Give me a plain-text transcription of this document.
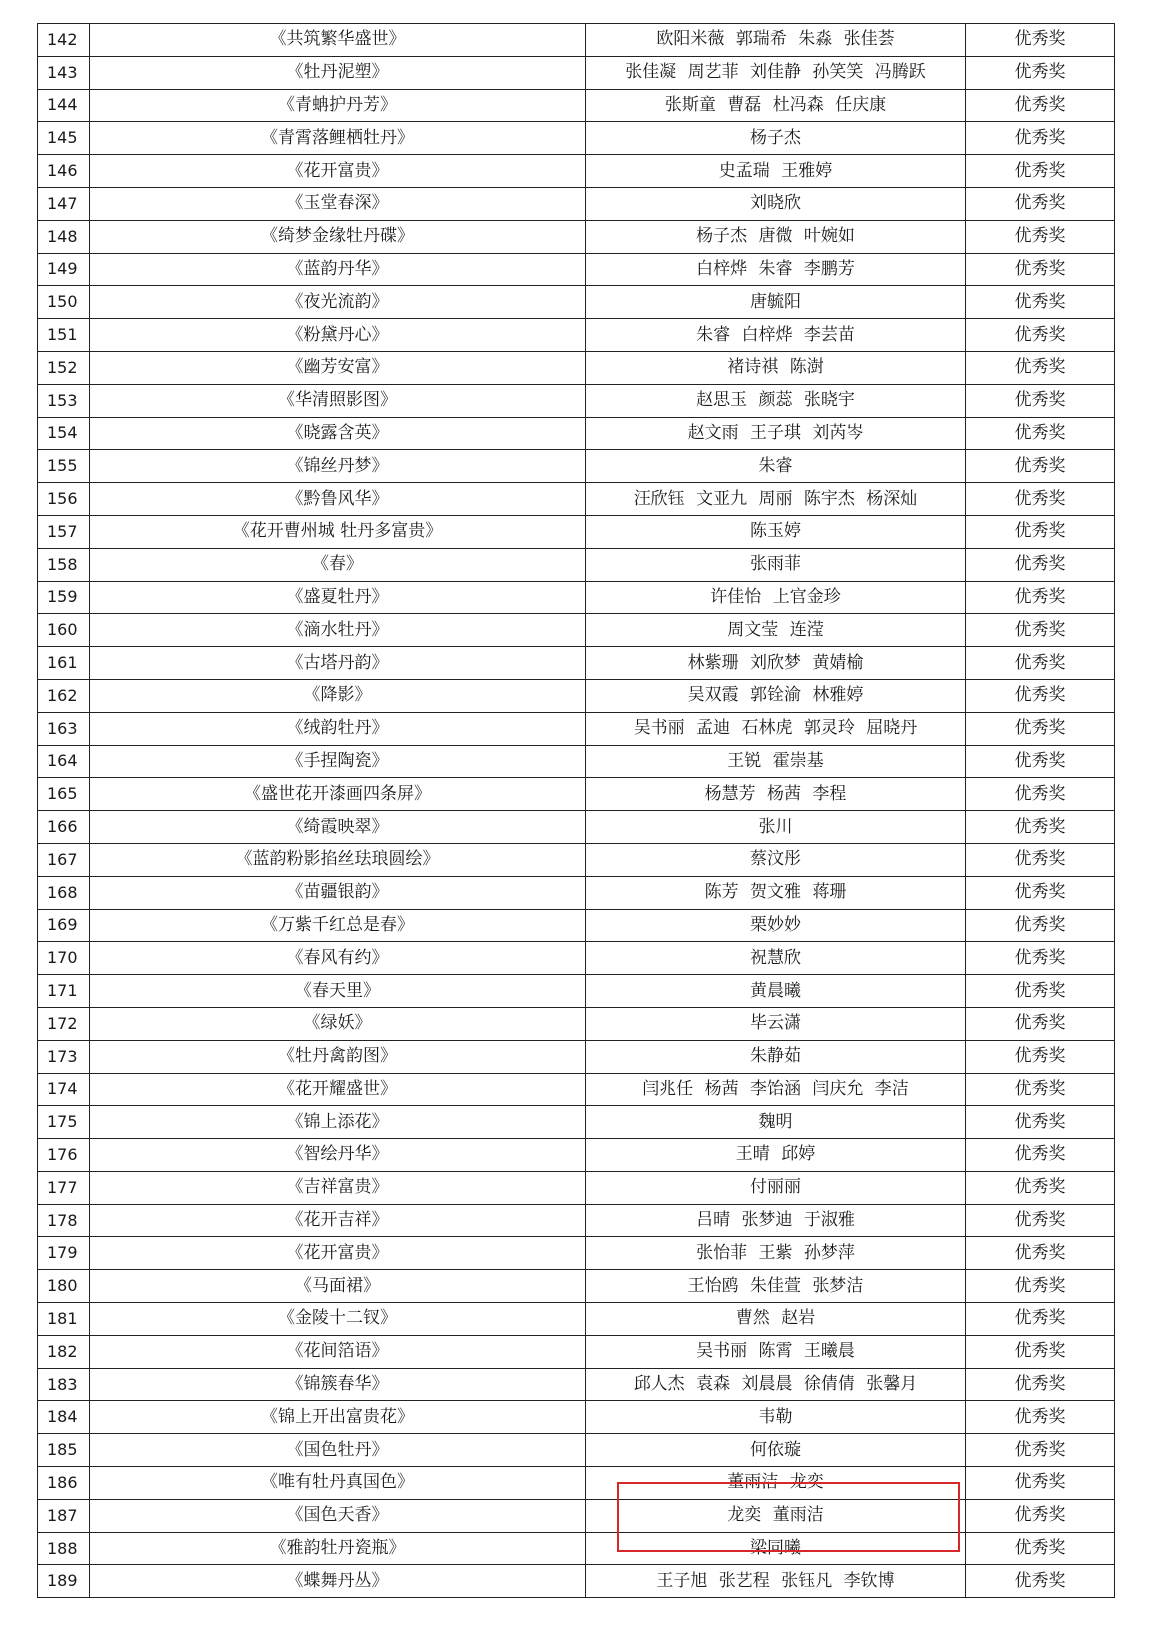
142	《共筑繁华盛世》	欧阳米薇 郭瑞希 朱淼 张佳荟	优秀奖
143	《牡丹泥塑》	张佳凝 周艺菲 刘佳静 孙笑笑 冯腾跃	优秀奖
144	《青蚺护丹芳》	张斯童 曹磊 杜冯森 任庆康	优秀奖
145	《青霄落鲤栖牡丹》	杨子杰	优秀奖
146	《花开富贵》	史孟瑞 王雅婷	优秀奖
147	《玉堂春深》	刘晓欣	优秀奖
148	《绮梦金缘牡丹碟》	杨子杰 唐微 叶婉如	优秀奖
149	《蓝韵丹华》	白梓烨 朱睿 李鹏芳	优秀奖
150	《夜光流韵》	唐毓阳	优秀奖
151	《粉黛丹心》	朱睿 白梓烨 李芸苗	优秀奖
152	《幽芳安富》	褚诗祺 陈澍	优秀奖
153	《华清照影图》	赵思玉 颜蕊 张晓宇	优秀奖
154	《晓露含英》	赵文雨 王子琪 刘芮岑	优秀奖
155	《锦丝丹梦》	朱睿	优秀奖
156	《黔鲁风华》	汪欣钰 文亚九 周丽 陈宇杰 杨深灿	优秀奖
157	《花开曹州城 牡丹多富贵》	陈玉婷	优秀奖
158	《春》	张雨菲	优秀奖
159	《盛夏牡丹》	许佳怡 上官金珍	优秀奖
160	《滴水牡丹》	周文莹 连滢	优秀奖
161	《古塔丹韵》	林紫珊 刘欣梦 黄婧榆	优秀奖
162	《降影》	吴双霞 郭铨渝 林雅婷	优秀奖
163	《绒韵牡丹》	吴书丽 孟迪 石林虎 郭灵玲 屈晓丹	优秀奖
164	《手捏陶瓷》	王锐 霍崇基	优秀奖
165	《盛世花开漆画四条屏》	杨慧芳 杨茜 李程	优秀奖
166	《绮霞映翠》	张川	优秀奖
167	《蓝韵粉影掐丝珐琅圆绘》	蔡汶彤	优秀奖
168	《苗疆银韵》	陈芳 贺文雅 蒋珊	优秀奖
169	《万紫千红总是春》	栗妙妙	优秀奖
170	《春风有约》	祝慧欣	优秀奖
171	《春天里》	黄晨曦	优秀奖
172	《绿妖》	毕云潇	优秀奖
173	《牡丹禽韵图》	朱静茹	优秀奖
174	《花开耀盛世》	闫兆任 杨茜 李饴涵 闫庆允 李洁	优秀奖
175	《锦上添花》	魏明	优秀奖
176	《智绘丹华》	王晴 邱婷	优秀奖
177	《吉祥富贵》	付丽丽	优秀奖
178	《花开吉祥》	吕晴 张梦迪 于淑雅	优秀奖
179	《花开富贵》	张怡菲 王紫 孙梦萍	优秀奖
180	《马面裙》	王怡鸥 朱佳萱 张梦洁	优秀奖
181	《金陵十二钗》	曹然 赵岩	优秀奖
182	《花间箔语》	吴书丽 陈霄 王曦晨	优秀奖
183	《锦簇春华》	邱人杰 袁森 刘晨晨 徐倩倩 张馨月	优秀奖
184	《锦上开出富贵花》	韦勒	优秀奖
185	《国色牡丹》	何依璇	优秀奖
186	《唯有牡丹真国色》	董雨洁 龙奕	优秀奖
187	《国色天香》	龙奕 董雨洁	优秀奖
188	《雅韵牡丹瓷瓶》	梁同曦	优秀奖
189	《蝶舞丹丛》	王子旭 张艺程 张钰凡 李钦博	优秀奖
